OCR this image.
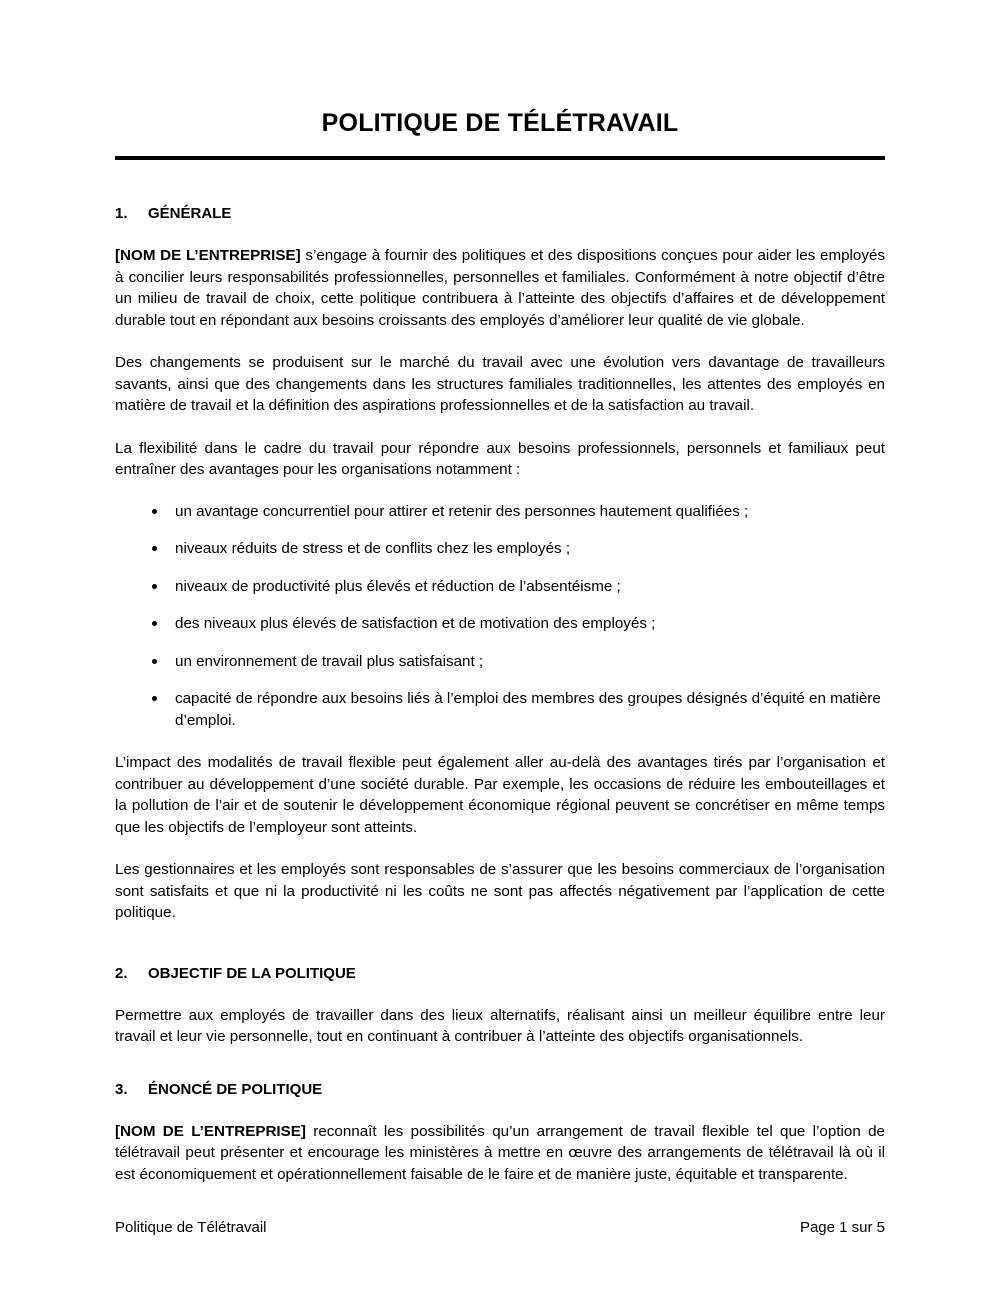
POLITIQUE DE TÉLÉTRAVAIL
1.	GÉNÉRALE

[NOM DE L’ENTREPRISE] s’engage à fournir des politiques et des dispositions conçues pour aider les employés à concilier leurs responsabilités professionnelles, personnelles et familiales. Conformément à notre objectif d’être un milieu de travail de choix, cette politique contribuera à l’atteinte des objectifs d’affaires et de développement durable tout en répondant aux besoins croissants des employés d’améliorer leur qualité de vie globale.

Des changements se produisent sur le marché du travail avec une évolution vers davantage de travailleurs savants, ainsi que des changements dans les structures familiales traditionnelles, les attentes des employés en matière de travail et la définition des aspirations professionnelles et de la satisfaction au travail.

La flexibilité dans le cadre du travail pour répondre aux besoins professionnels, personnels et familiaux peut entraîner des avantages pour les organisations notamment :

un avantage concurrentiel pour attirer et retenir des personnes hautement qualifiées ;
niveaux réduits de stress et de conflits chez les employés ;
niveaux de productivité plus élevés et réduction de l’absentéisme ;
des niveaux plus élevés de satisfaction et de motivation des employés ;
un environnement de travail plus satisfaisant ;
capacité de répondre aux besoins liés à l’emploi des membres des groupes désignés d’équité en matière d’emploi.

L’impact des modalités de travail flexible peut également aller au-delà des avantages tirés par l’organisation et contribuer au développement d’une société durable. Par exemple, les occasions de réduire les embouteillages et la pollution de l’air et de soutenir le développement économique régional peuvent se concrétiser en même temps que les objectifs de l’employeur sont atteints.

Les gestionnaires et les employés sont responsables de s’assurer que les besoins commerciaux de l’organisation sont satisfaits et que ni la productivité ni les coûts ne sont pas affectés négativement par l’application de cette politique.

2.	OBJECTIF DE LA POLITIQUE

Permettre aux employés de travailler dans des lieux alternatifs, réalisant ainsi un meilleur équilibre entre leur travail et leur vie personnelle, tout en continuant à contribuer à l’atteinte des objectifs organisationnels.

3.	ÉNONCÉ DE POLITIQUE

[NOM DE L’ENTREPRISE] reconnaît les possibilités qu’un arrangement de travail flexible tel que l’option de télétravail peut présenter et encourage les ministères à mettre en œuvre des arrangements de télétravail là où il est économiquement et opérationnellement faisable de le faire et de manière juste, équitable et transparente.

Politique de Télétravail	Page 1 sur 5
